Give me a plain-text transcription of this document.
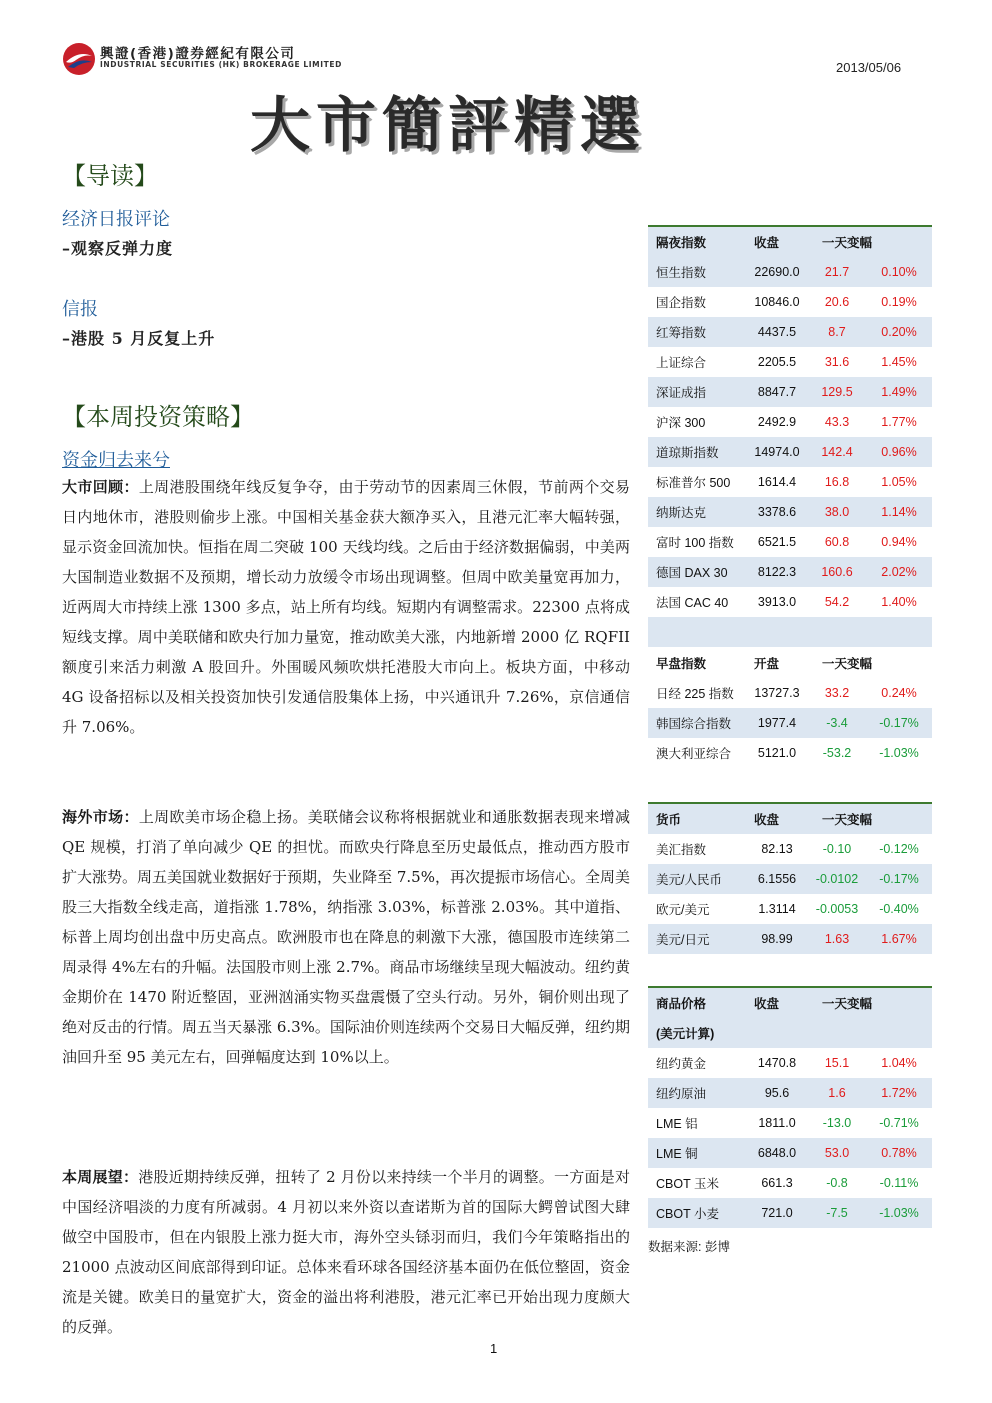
興證(香港)證券經紀有限公司
INDUSTRIAL SECURITIES (HK) BROKERAGE LIMITED	2013/05/06
大市簡評精選
【导读】
经济日报评论
–观察反弹力度
信报
–港股 5 月反复上升
【本周投资策略】
资金归去来兮
大市回顾：上周港股围绕年线反复争夺，由于劳动节的因素周三休假，节前两个交易日内地休市，港股则偷步上涨。中国相关基金获大额净买入，且港元汇率大幅转强，显示资金回流加快。恒指在周二突破 100 天线均线。之后由于经济数据偏弱，中美两大国制造业数据不及预期，增长动力放缓令市场出现调整。但周中欧美量宽再加力，近两周大市持续上涨 1300 多点，站上所有均线。短期内有调整需求。22300 点将成短线支撑。周中美联储和欧央行加力量宽，推动欧美大涨，内地新增 2000 亿 RQFII 额度引来活力刺激 A 股回升。外围暖风频吹烘托港股大市向上。板块方面，中移动 4G 设备招标以及相关投资加快引发通信股集体上扬，中兴通讯升 7.26%，京信通信升 7.06%。
海外市场：上周欧美市场企稳上扬。美联储会议称将根据就业和通胀数据表现来增减 QE 规模，打消了单向减少 QE 的担忧。而欧央行降息至历史最低点，推动西方股市扩大涨势。周五美国就业数据好于预期，失业降至 7.5%，再次提振市场信心。全周美股三大指数全线走高，道指涨 1.78%，纳指涨 3.03%，标普涨 2.03%。其中道指、标普上周均创出盘中历史高点。欧洲股市也在降息的刺激下大涨，德国股市连续第二周录得 4%左右的升幅。法国股市则上涨 2.7%。商品市场继续呈现大幅波动。纽约黄金期价在 1470 附近整固，亚洲汹涌实物买盘震慑了空头行动。另外，铜价则出现了绝对反击的行情。周五当天暴涨 6.3%。国际油价则连续两个交易日大幅反弹，纽约期油回升至 95 美元左右，回弹幅度达到 10%以上。
本周展望：港股近期持续反弹，扭转了 2 月份以来持续一个半月的调整。一方面是对中国经济唱淡的力度有所减弱。4 月初以来外资以查诺斯为首的国际大鳄曾试图大肆做空中国股市，但在内银股上涨力挺大市，海外空头铩羽而归，我们今年策略指出的 21000 点波动区间底部得到印证。总体来看环球各国经济基本面仍在低位整固，资金流是关键。欧美日的量宽扩大，资金的溢出将利港股，港元汇率已开始出现力度颇大的反弹。
隔夜指数	收盘	一天变幅	
恒生指数	22690.0	21.7	0.10%
国企指数	10846.0	20.6	0.19%
红筹指数	4437.5	8.7	0.20%
上证综合	2205.5	31.6	1.45%
深证成指	8847.7	129.5	1.49%
沪深 300	2492.9	43.3	1.77%
道琼斯指数	14974.0	142.4	0.96%
标准普尔 500	1614.4	16.8	1.05%
纳斯达克	3378.6	38.0	1.14%
富时 100 指数	6521.5	60.8	0.94%
德国 DAX 30	8122.3	160.6	2.02%
法国 CAC 40	3913.0	54.2	1.40%

早盘指数	开盘	一天变幅	
日经 225 指数	13727.3	33.2	0.24%
韩国综合指数	1977.4	-3.4	-0.17%
澳大利亚综合	5121.0	-53.2	-1.03%
货币	收盘	一天变幅	
美汇指数	82.13	-0.10	-0.12%
美元/人民币	6.1556	-0.0102	-0.17%
欧元/美元	1.3114	-0.0053	-0.40%
美元/日元	98.99	1.63	1.67%
商品价格	收盘	一天变幅	
(美元计算)			
纽约黄金	1470.8	15.1	1.04%
纽约原油	95.6	1.6	1.72%
LME 铝	1811.0	-13.0	-0.71%
LME 铜	6848.0	53.0	0.78%
CBOT 玉米	661.3	-0.8	-0.11%
CBOT 小麦	721.0	-7.5	-1.03%
数据来源: 彭博
1
